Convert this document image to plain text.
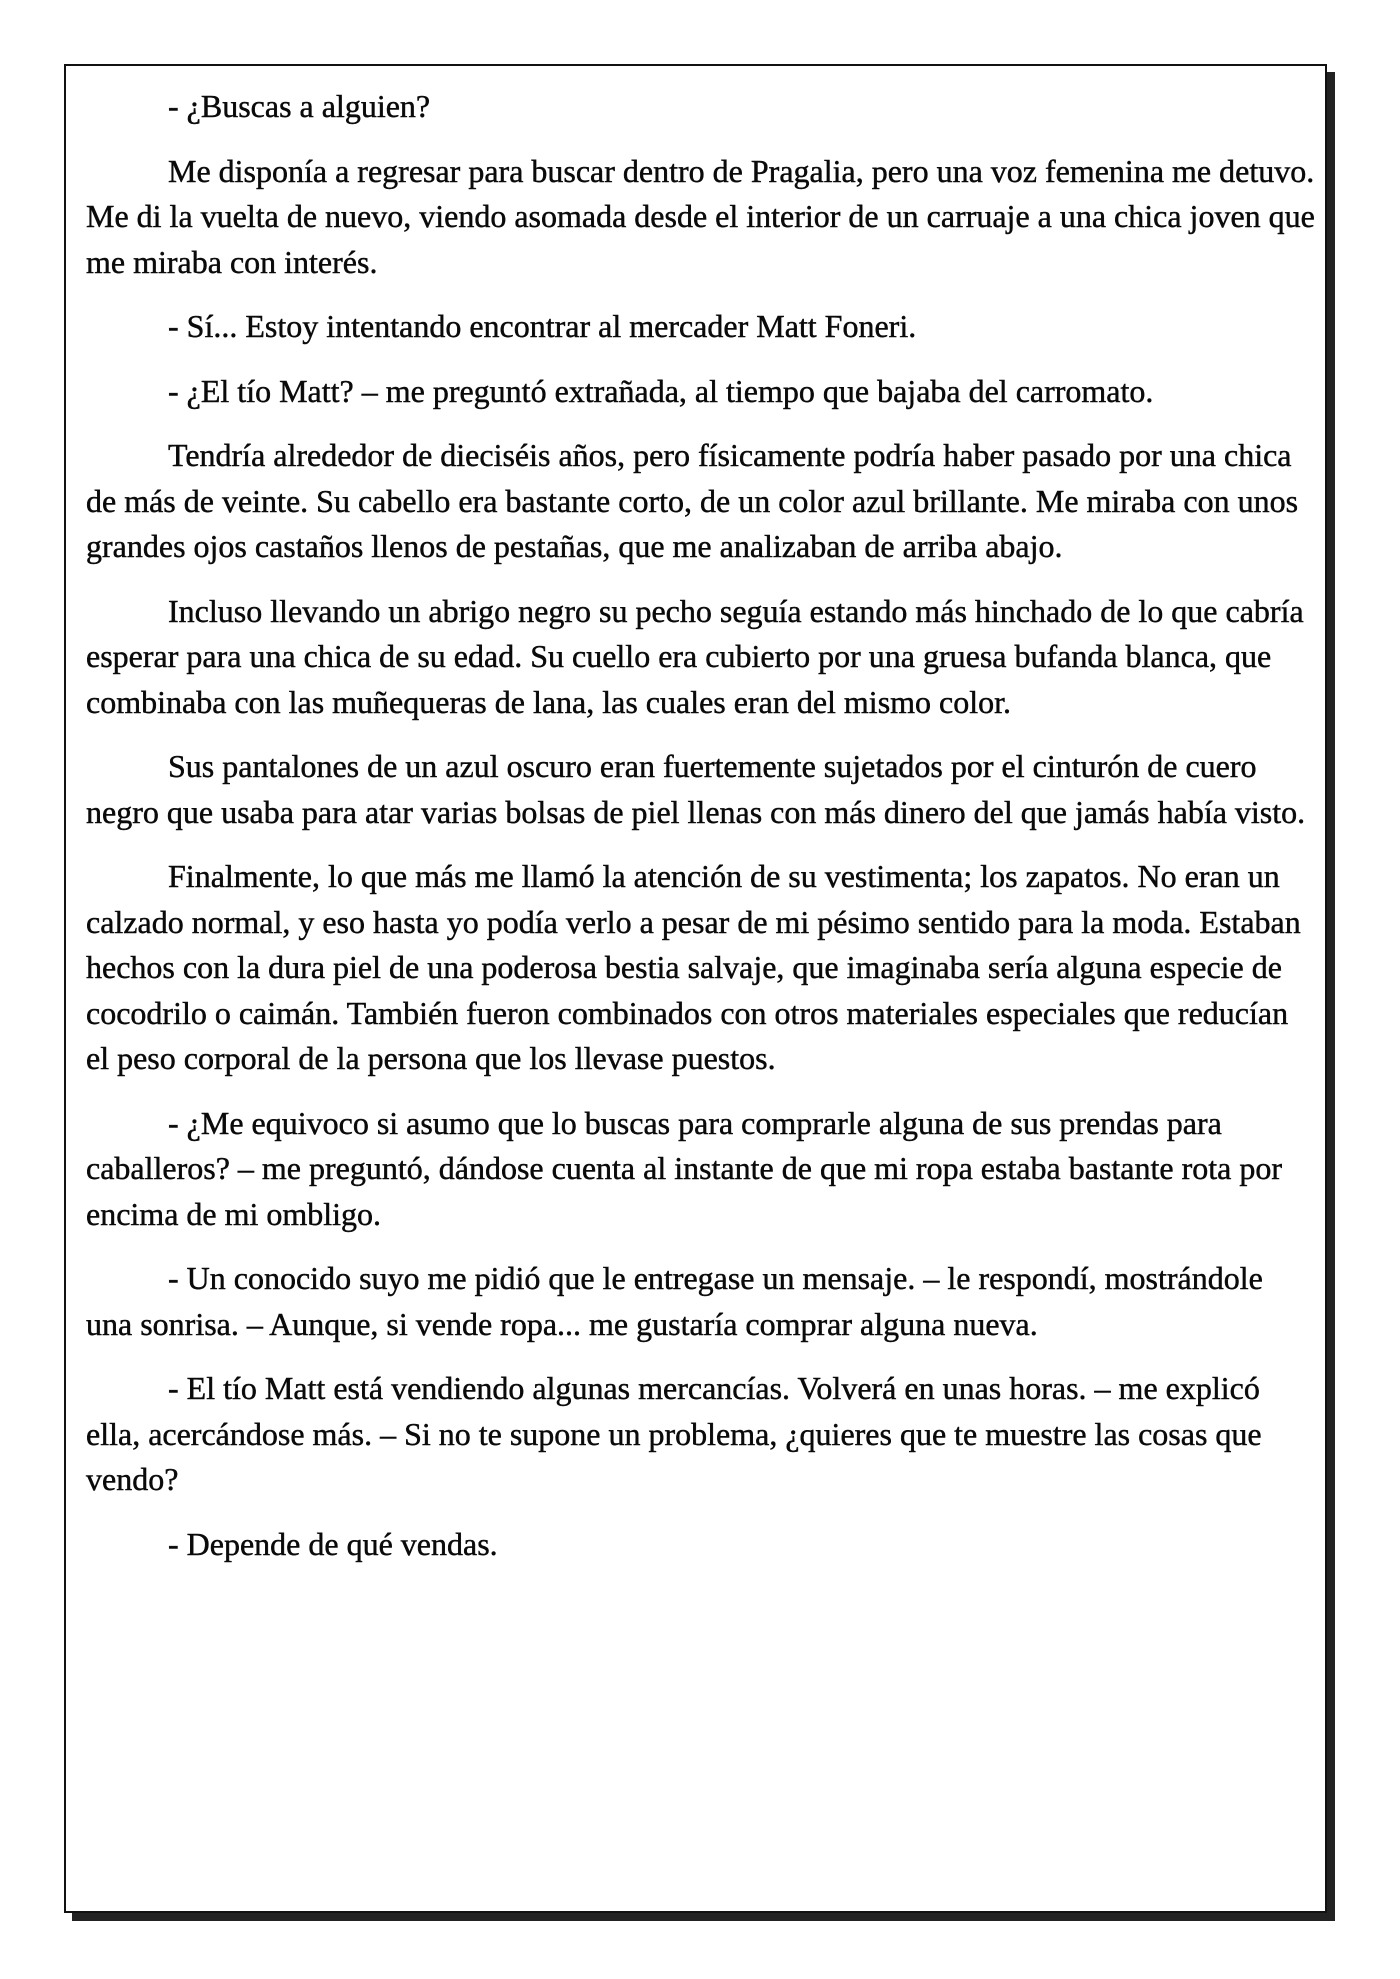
- ¿Buscas a alguien?

Me disponía a regresar para buscar dentro de Pragalia, pero una voz femenina me detuvo. Me di la vuelta de nuevo, viendo asomada desde el interior de un carruaje a una chica joven que me miraba con interés.

- Sí... Estoy intentando encontrar al mercader Matt Foneri.

- ¿El tío Matt? – me preguntó extrañada, al tiempo que bajaba del carromato.

Tendría alrededor de dieciséis años, pero físicamente podría haber pasado por una chica de más de veinte. Su cabello era bastante corto, de un color azul brillante. Me miraba con unos grandes ojos castaños llenos de pestañas, que me analizaban de arriba abajo.

Incluso llevando un abrigo negro su pecho seguía estando más hinchado de lo que cabría esperar para una chica de su edad. Su cuello era cubierto por una gruesa bufanda blanca, que combinaba con las muñequeras de lana, las cuales eran del mismo color.

Sus pantalones de un azul oscuro eran fuertemente sujetados por el cinturón de cuero negro que usaba para atar varias bolsas de piel llenas con más dinero del que jamás había visto.

Finalmente, lo que más me llamó la atención de su vestimenta; los zapatos. No eran un calzado normal, y eso hasta yo podía verlo a pesar de mi pésimo sentido para la moda. Estaban hechos con la dura piel de una poderosa bestia salvaje, que imaginaba sería alguna especie de cocodrilo o caimán. También fueron combinados con otros materiales especiales que reducían el peso corporal de la persona que los llevase puestos.

- ¿Me equivoco si asumo que lo buscas para comprarle alguna de sus prendas para caballeros? – me preguntó, dándose cuenta al instante de que mi ropa estaba bastante rota por encima de mi ombligo.

- Un conocido suyo me pidió que le entregase un mensaje. – le respondí, mostrándole una sonrisa. – Aunque, si vende ropa... me gustaría comprar alguna nueva.

- El tío Matt está vendiendo algunas mercancías. Volverá en unas horas. – me explicó ella, acercándose más. – Si no te supone un problema, ¿quieres que te muestre las cosas que vendo?

- Depende de qué vendas.
